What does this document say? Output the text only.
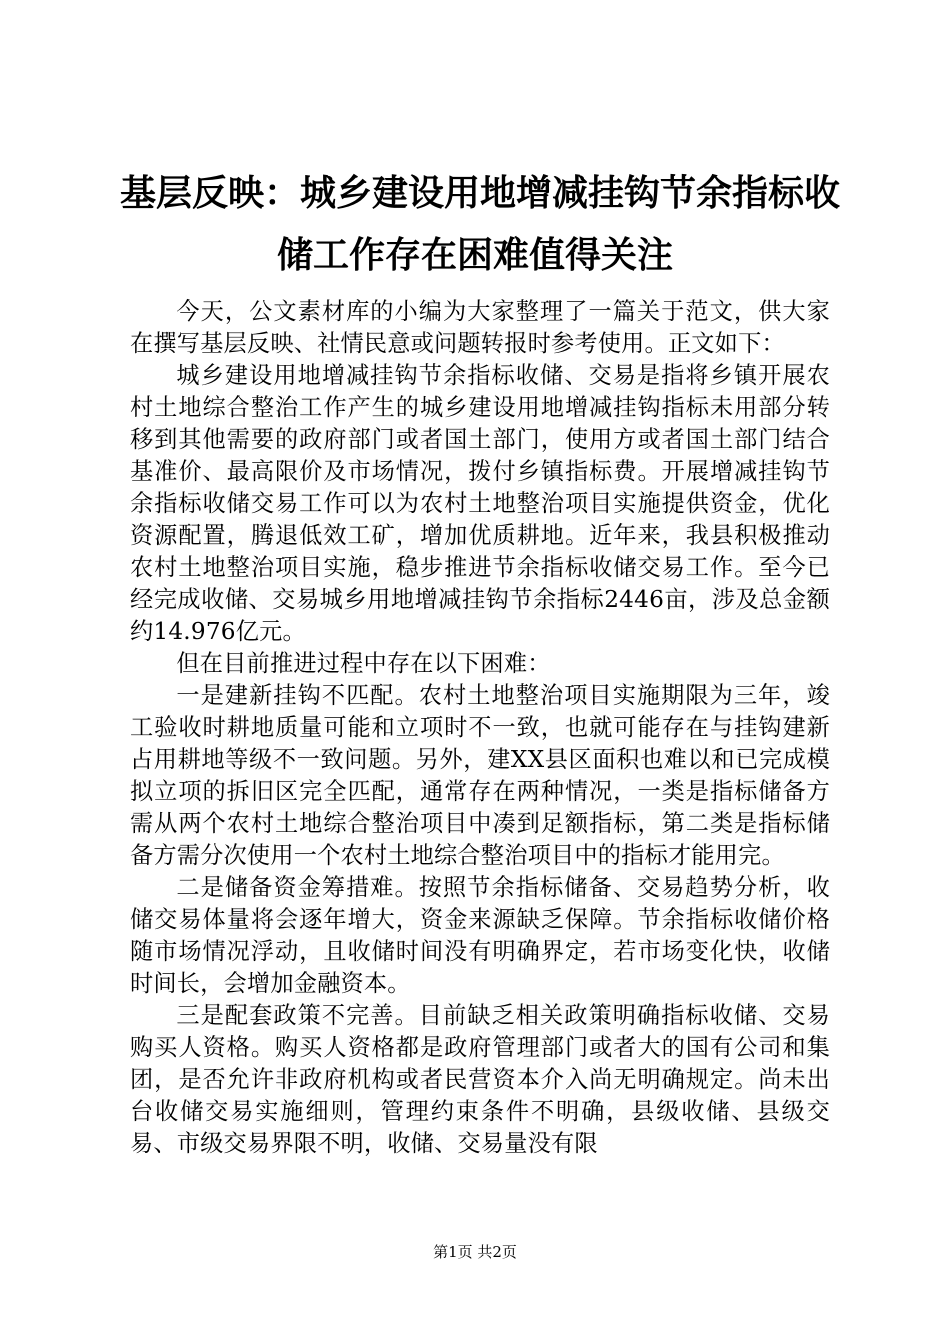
基层反映：城乡建设用地增减挂钩节余指标收
储工作存在困难值得关注

今天，公文素材库的小编为大家整理了一篇关于范文，供大家在撰写基层反映、社情民意或问题转报时参考使用。正文如下：

城乡建设用地增减挂钩节余指标收储、交易是指将乡镇开展农村土地综合整治工作产生的城乡建设用地增减挂钩指标未用部分转移到其他需要的政府部门或者国土部门，使用方或者国土部门结合基准价、最高限价及市场情况，拨付乡镇指标费。开展增减挂钩节余指标收储交易工作可以为农村土地整治项目实施提供资金，优化资源配置，腾退低效工矿，增加优质耕地。近年来，我县积极推动农村土地整治项目实施，稳步推进节余指标收储交易工作。至今已经完成收储、交易城乡用地增减挂钩节余指标2446亩，涉及总金额约14.976亿元。

但在目前推进过程中存在以下困难：

一是建新挂钩不匹配。农村土地整治项目实施期限为三年，竣工验收时耕地质量可能和立项时不一致，也就可能存在与挂钩建新占用耕地等级不一致问题。另外，建XX县区面积也难以和已完成模拟立项的拆旧区完全匹配，通常存在两种情况，一类是指标储备方需从两个农村土地综合整治项目中凑到足额指标，第二类是指标储备方需分次使用一个农村土地综合整治项目中的指标才能用完。

二是储备资金筹措难。按照节余指标储备、交易趋势分析，收储交易体量将会逐年增大，资金来源缺乏保障。节余指标收储价格随市场情况浮动，且收储时间没有明确界定，若市场变化快，收储时间长，会增加金融资本。

三是配套政策不完善。目前缺乏相关政策明确指标收储、交易购买人资格。购买人资格都是政府管理部门或者大的国有公司和集团，是否允许非政府机构或者民营资本介入尚无明确规定。尚未出台收储交易实施细则，管理约束条件不明确，县级收储、县级交易、市级交易界限不明，收储、交易量没有限

第1页 共2页
